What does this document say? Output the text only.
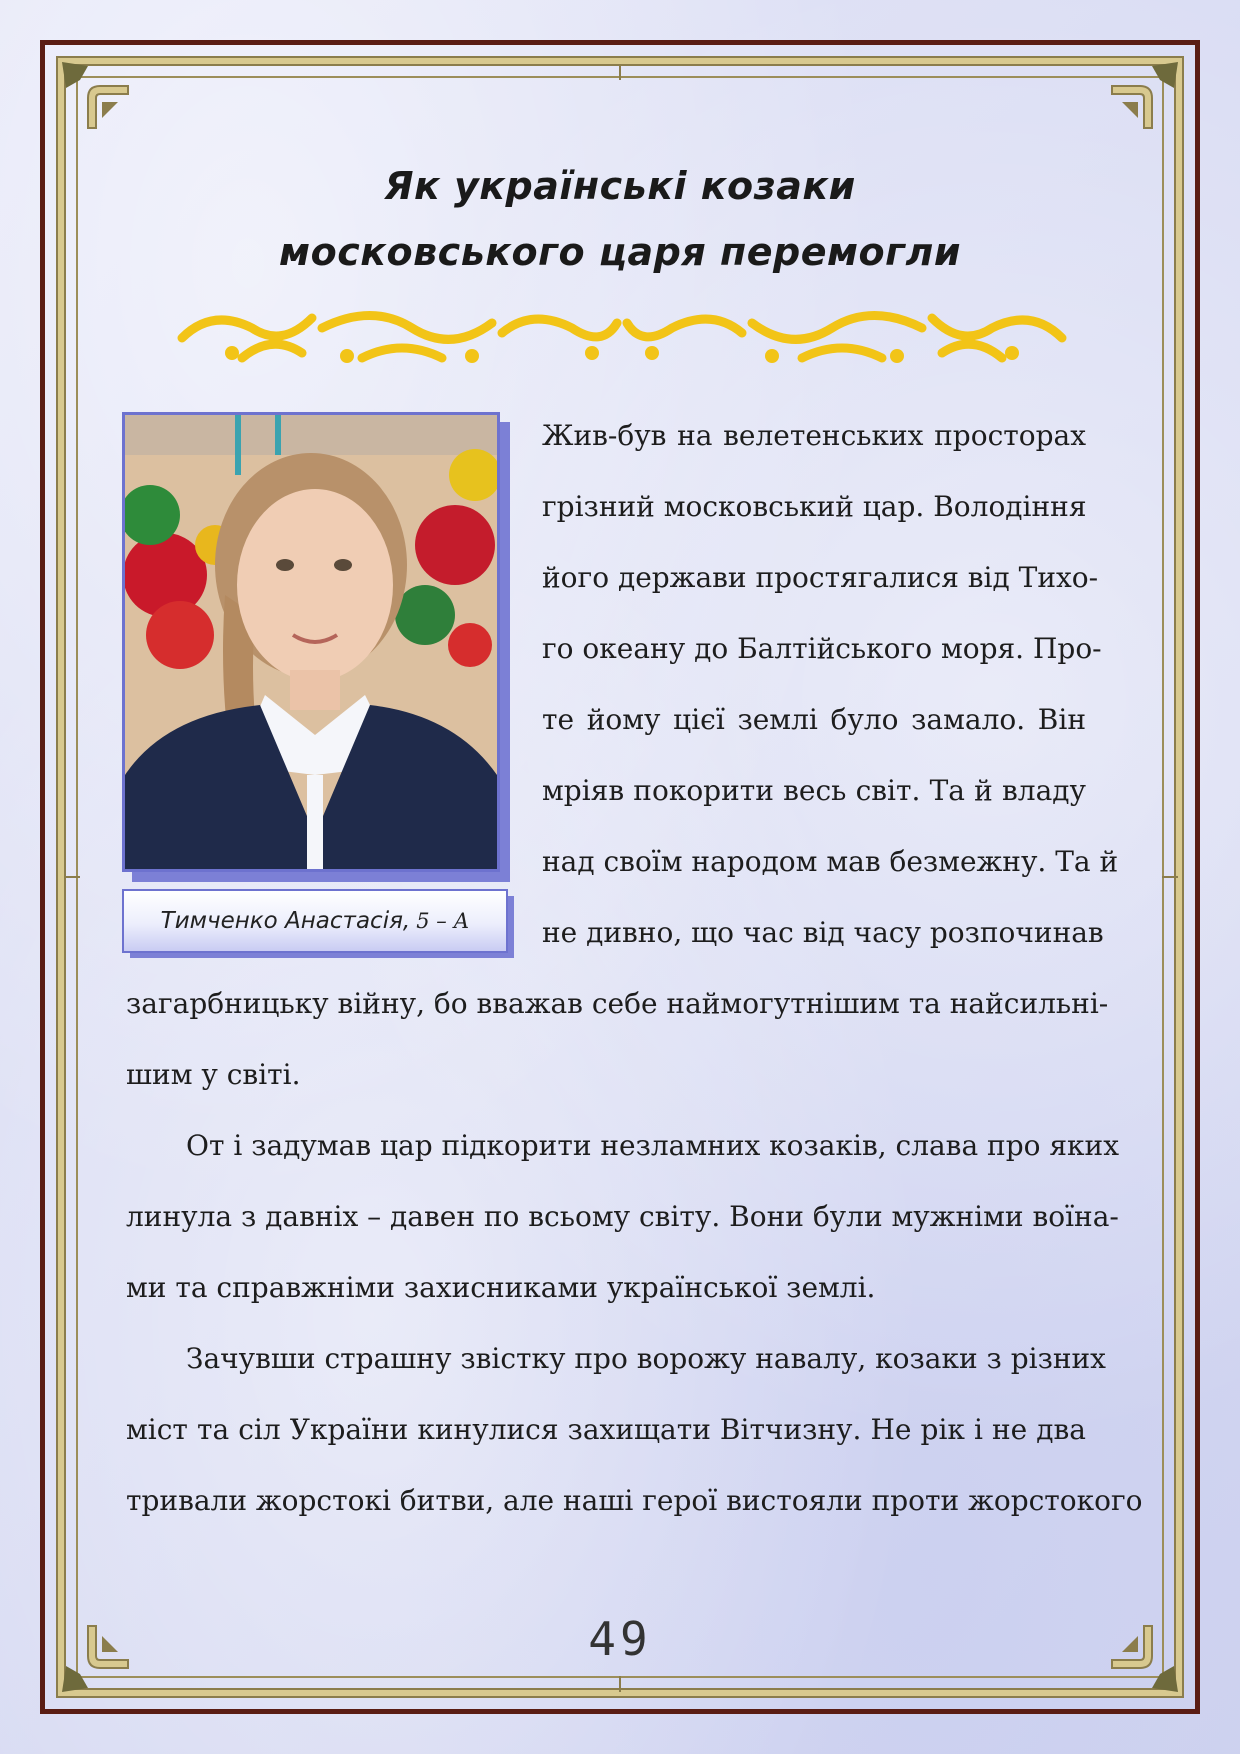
Як українські козаки
московського царя перемогли
Тимченко Анастасія, 5 – А
Жив-був на велетенських просторах
грізний московський цар. Володіння
його держави простягалися від Тихо-
го океану до Балтійського моря. Про-
те йому цієї землі було замало. Він
мріяв покорити весь світ. Та й владу
над своїм народом мав безмежну. Та й
не дивно, що час від часу розпочинав
загарбницьку війну, бо вважав себе наймогутнішим та найсильні-
шим у світі.
От і задумав цар підкорити незламних козаків, слава про яких
линула з давніх – давен по всьому світу. Вони були мужніми воїна-
ми та справжніми захисниками української землі.
Зачувши страшну звістку про ворожу навалу, козаки з різних
міст та сіл України кинулися захищати Вітчизну. Не рік і не два
тривали жорстокі битви, але наші герої вистояли проти жорстокого
49
